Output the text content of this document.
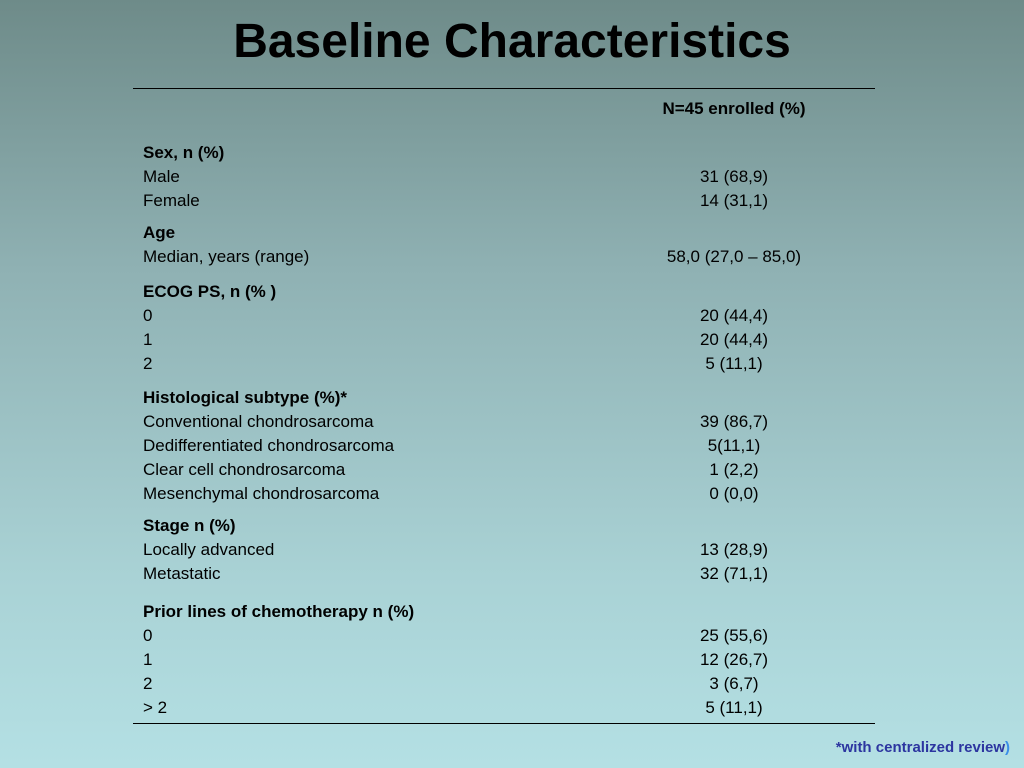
Baseline Characteristics
N=45 enrolled (%)
Sex, n (%)
Male	31 (68,9)
Female	14 (31,1)
Age
Median, years (range)	58,0 (27,0 – 85,0)
ECOG PS, n (% )
0	20 (44,4)
1	20 (44,4)
2	5 (11,1)
Histological subtype (%)*
Conventional chondrosarcoma	39 (86,7)
Dedifferentiated chondrosarcoma	5(11,1)
Clear cell chondrosarcoma	1 (2,2)
Mesenchymal chondrosarcoma	0 (0,0)
Stage n (%)
Locally advanced	13 (28,9)
Metastatic	32 (71,1)
Prior lines of chemotherapy n (%)
0	25 (55,6)
1	12 (26,7)
2	3 (6,7)
> 2	5 (11,1)
*with centralized review)
